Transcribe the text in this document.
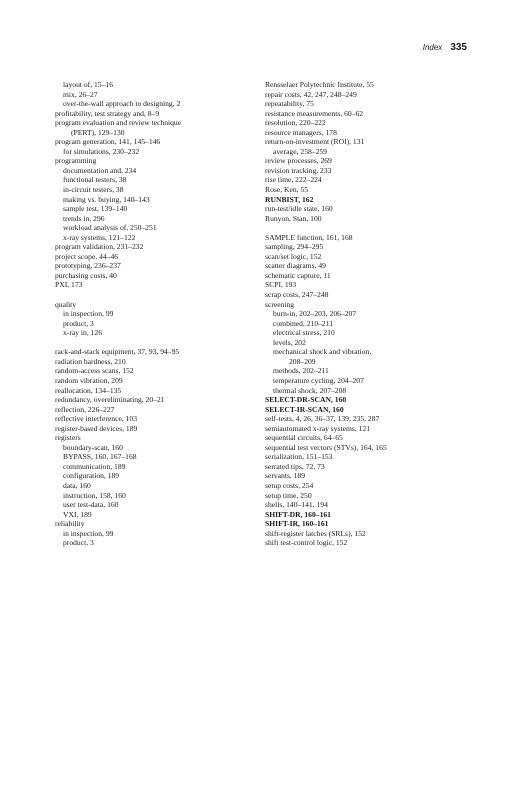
Index 335
layout of, 15–16
mix, 26–27
over-the-wall approach to designing, 2
profitability, test strategy and, 8–9
program evaluation and review technique
(PERT), 129–130
program generation, 141, 145–146
for simulations, 230–232
programming
documentation and, 234
functional testers, 38
in-circuit testers, 38
making vs. buying, 140–143
sample test, 139–140
trends in, 296
workload analysis of, 250–251
x-ray systems, 121–122
program validation, 231–232
project scope, 44–46
prototyping, 236–237
purchasing costs, 40
PXI, 173
quality
in inspection, 99
product, 3
x-ray in, 126
rack-and-stack equipment, 37, 93, 94–95
radiation hardness, 210
random-access scans, 152
random vibration, 209
reallocation, 134–135
redundancy, overeliminating, 20–21
reflection, 226–227
reflective interference, 103
register-based devices, 189
registers
boundary-scan, 160
BYPASS, 160, 167–168
communication, 189
configuration, 189
data, 160
instruction, 158, 160
user test-data, 160
VXI, 189
reliability
in inspection, 99
product, 3
Rensselaer Polytechnic Institute, 55
repair costs, 42, 247, 248–249
repeatability, 75
resistance measurements, 60–62
resolution, 220–222
resource managers, 178
return-on-investment (ROI), 131
average, 258–259
review processes, 269
revision tracking, 233
rise time, 222–224
Rose, Ken, 55
RUNBIST, 162
run-test/idle state, 160
Runyon, Stan, 100
SAMPLE function, 161, 168
sampling, 294–295
scan/set logic, 152
scatter diagrams, 49
schematic capture, 11
SCPI, 193
scrap costs, 247–248
screening
burn-in, 202–203, 206–207
combined, 210–211
electrical stress, 210
levels, 202
mechanical shock and vibration,
208–209
methods, 202–211
temperature cycling, 204–207
thermal shock, 207–208
SELECT-DR-SCAN, 160
SELECT-IR-SCAN, 160
self-tests, 4, 26, 36–37, 139, 235, 287
semiautomated x-ray systems, 121
sequential circuits, 64–65
sequential test vectors (STVs), 164, 165
serialization, 151–153
serrated tips, 72, 73
servants, 189
setup costs, 254
setup time, 250
shells, 140–141, 194
SHIFT-DR, 160–161
SHIFT-IR, 160–161
shift-register latches (SRLs), 152
shift test-control logic, 152
